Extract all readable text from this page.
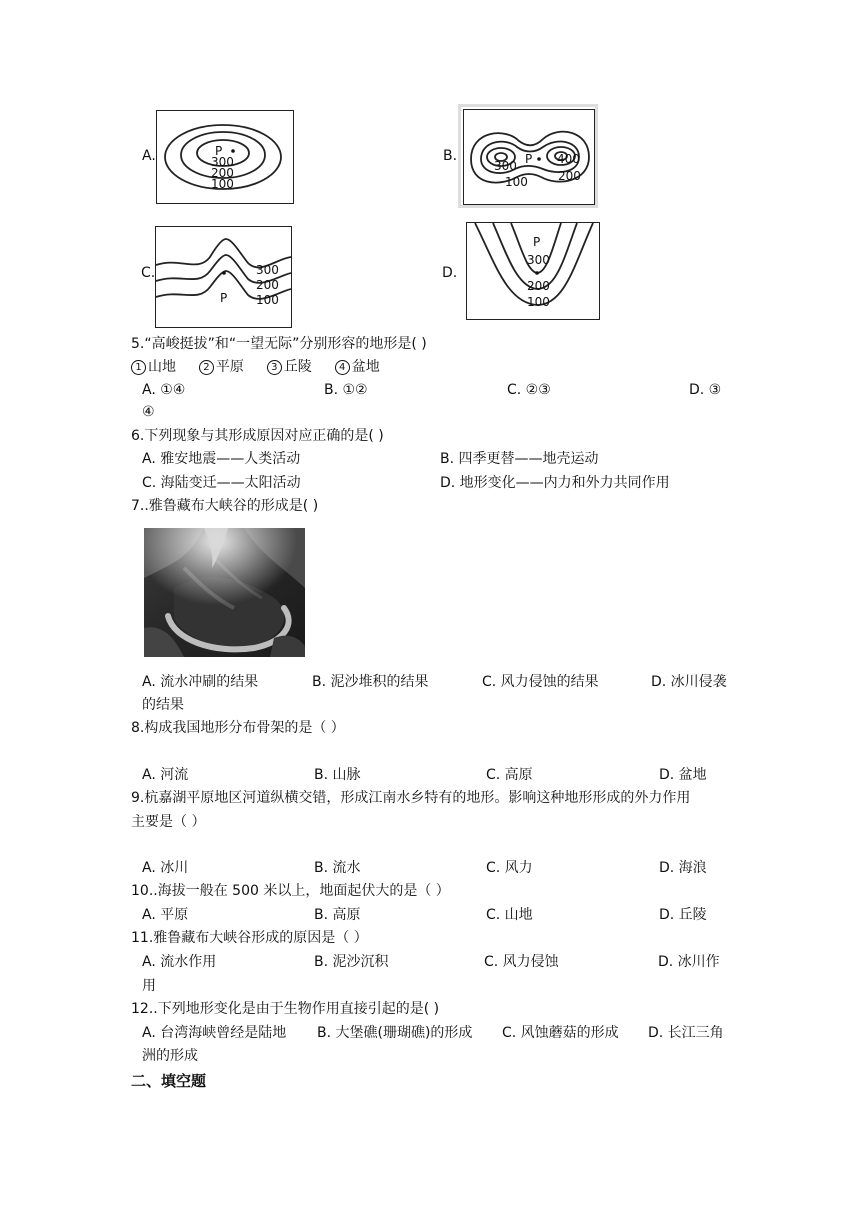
A.	P
300
200
100
B.	P
300	400
200
100
C.	300
200
100
P
D.
P
300
200
100
5.“高峻挺拔”和“一望无际”分别形容的地形是( )
1 山地	2 平原	3 丘陵	4 盆地
A. ①④	B. ①②	C. ②③	D. ③
④
6.下列现象与其形成原因对应正确的是( )
A. 雅安地震——人类活动	B. 四季更替——地壳运动
C. 海陆变迁——太阳活动	D. 地形变化——内力和外力共同作用
7..雅鲁藏布大峡谷的形成是( )
A. 流水冲刷的结果	B. 泥沙堆积的结果	C. 风力侵蚀的结果	D. 冰川侵袭
的结果
8.构成我国地形分布骨架的是（ ）
A. 河流	B. 山脉	C. 高原	D. 盆地
9.杭嘉湖平原地区河道纵横交错，形成江南水乡特有的地形。影响这种地形形成的外力作用
主要是（ ）
A. 冰川	B. 流水	C. 风力	D. 海浪
10..海拔一般在 500 米以上，地面起伏大的是（ ）
A. 平原	B. 高原	C. 山地	D. 丘陵
11.雅鲁藏布大峡谷形成的原因是（ ）
A. 流水作用	B. 泥沙沉积	C. 风力侵蚀	D. 冰川作
用
12..下列地形变化是由于生物作用直接引起的是( )
A. 台湾海峡曾经是陆地 B. 大堡礁(珊瑚礁)的形成 C. 风蚀蘑菇的形成 D. 长江三角
洲的形成
二、填空题
